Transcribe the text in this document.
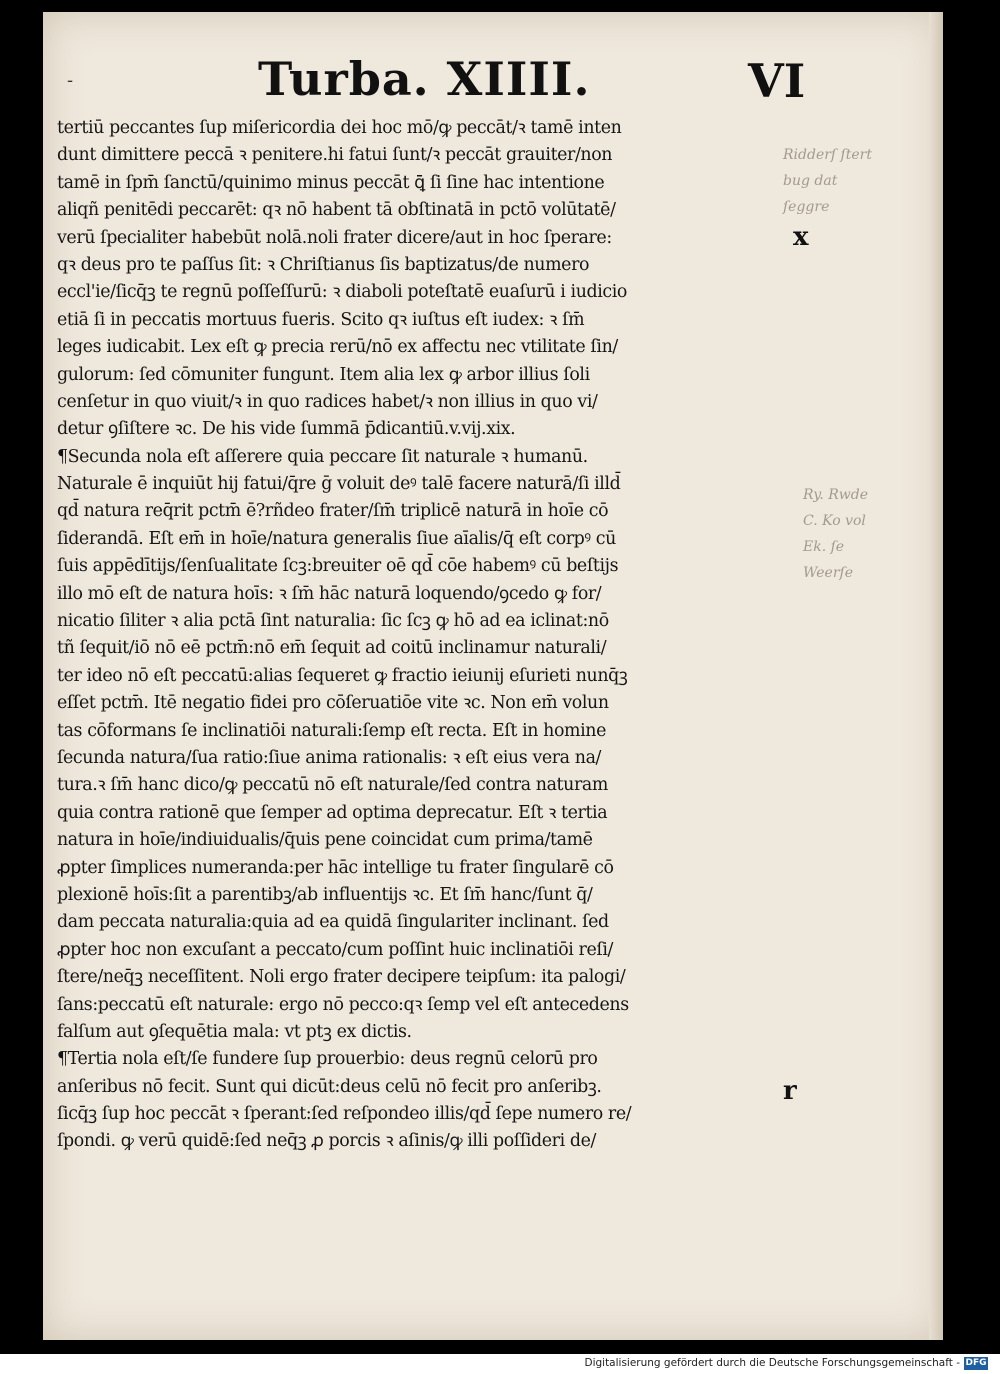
-	Turba. XIIII.	VI
tertiū peccantes ſup miſericordia dei hoc mō/ꝙ peccāt/ꝛ tamē inten
dunt dimittere peccā ꝛ penitere.hi fatui ſunt/ꝛ peccāt grauiter/non
tamē in ſpm̄ ſanctū/quinimo minus peccāt ꝗ̄ ſi ſine hac intentione
aliqñ penitēdi peccarēt: qꝛ nō habent tā obſtinatā in pctō volūtatē/
verū ſpecialiter habebūt nolā.noli frater dicere/aut in hoc ſperare:
qꝛ deus pro te paſſus ſit: ꝛ Chriſtianus ſis baptizatus/de numero
eccl'ie/ſicq̄ꝫ te regnū poſſeſſurū: ꝛ diaboli poteſtatē euaſurū i iudicio
etiā ſi in peccatis mortuus fueris. Scito qꝛ iuſtus eſt iudex: ꝛ ſm̄
leges iudicabit. Lex eſt ꝙ precia rerū/nō ex affectu nec vtilitate ſin/
gulorum: ſed cōmuniter fungunt. Item alia lex ꝙ arbor illius ſoli
cenſetur in quo viuit/ꝛ in quo radices habet/ꝛ non illius in quo vi/
detur ꝯſiſtere ꝛc. De his vide ſummā p̄dicantiū.v.vij.xix.
¶Secunda nola eſt aſſerere quia peccare ſit naturale ꝛ humanū.
Naturale ē inquiūt hij fatui/q̄re ḡ voluit deꝰ talē facere naturā/ſi illd̄
qd̄ natura req̄rit pctm̄ ē?rñdeo frater/ſm̄ triplicē naturā in hoīe cō
ſiderandā. Eſt em̄ in hoīe/natura generalis ſiue aīalis/q̄ eſt corpꝰ cū
ſuis appēdītijs/ſenſualitate ſcꝫ:breuiter oē qd̄ cōe habemꝰ cū beſtijs
illo mō eſt de natura hoīs: ꝛ ſm̄ hāc naturā loquendo/ꝯcedo ꝙ for/
nicatio ſiliter ꝛ alia pctā ſint naturalia: ſic ſcꝫ ꝙ hō ad ea iclinat:nō
tñ ſequit/iō nō eē pctm̄:nō em̄ ſequit ad coitū inclinamur naturali/
ter ideo nō eſt peccatū:alias ſequeret ꝙ fractio ieiunij eſurieti nunq̄ꝫ
eſſet pctm̄. Itē negatio fidei pro cōſeruatiōe vite ꝛc. Non em̄ volun
tas cōformans ſe inclinatiōi naturali:ſemp eſt recta. Eſt in homine
ſecunda natura/ſua ratio:ſiue anima rationalis: ꝛ eſt eius vera na/
tura.ꝛ ſm̄ hanc dico/ꝙ peccatū nō eſt naturale/ſed contra naturam
quia contra rationē que ſemper ad optima deprecatur. Eſt ꝛ tertia
natura in hoīe/indiuidualis/q̄uis pene coincidat cum prima/tamē
ꝓpter ſimplices numeranda:per hāc intellige tu frater ſingularē cō
plexionē hoīs:ſit a parentibꝫ/ab influentijs ꝛc. Et ſm̄ hanc/ſunt q̄/
dam peccata naturalia:quia ad ea quidā ſingulariter inclinant. ſed
ꝓpter hoc non excuſant a peccato/cum poſſint huic inclinatiōi reſi/
ſtere/neq̄ꝫ neceſſitent. Noli ergo frater decipere teipſum: ita palogi/
ſans:peccatū eſt naturale: ergo nō pecco:qꝛ ſemp vel eſt antecedens
falſum aut ꝯſequētia mala: vt ptꝫ ex dictis.
¶Tertia nola eſt/ſe fundere ſup prouerbio: deus regnū celorū pro
anſeribus nō fecit. Sunt qui dicūt:deus celū nō fecit pro anſeribꝫ.
ſicq̄ꝫ ſup hoc peccāt ꝛ ſperant:ſed reſpondeo illis/qd̄ ſepe numero re/
ſpondi. ꝙ verū quidē:ſed neq̄ꝫ ꝓ porcis ꝛ aſinis/ꝙ illi poſſideri de/
Ridderſ ſtert
bug dat
ſeggre
x
Ry. Rwde
C. Ko vol
Ek. ſe
Weerſe
r
Digitalisierung gefördert durch die Deutsche Forschungsgemeinschaft - DFG
